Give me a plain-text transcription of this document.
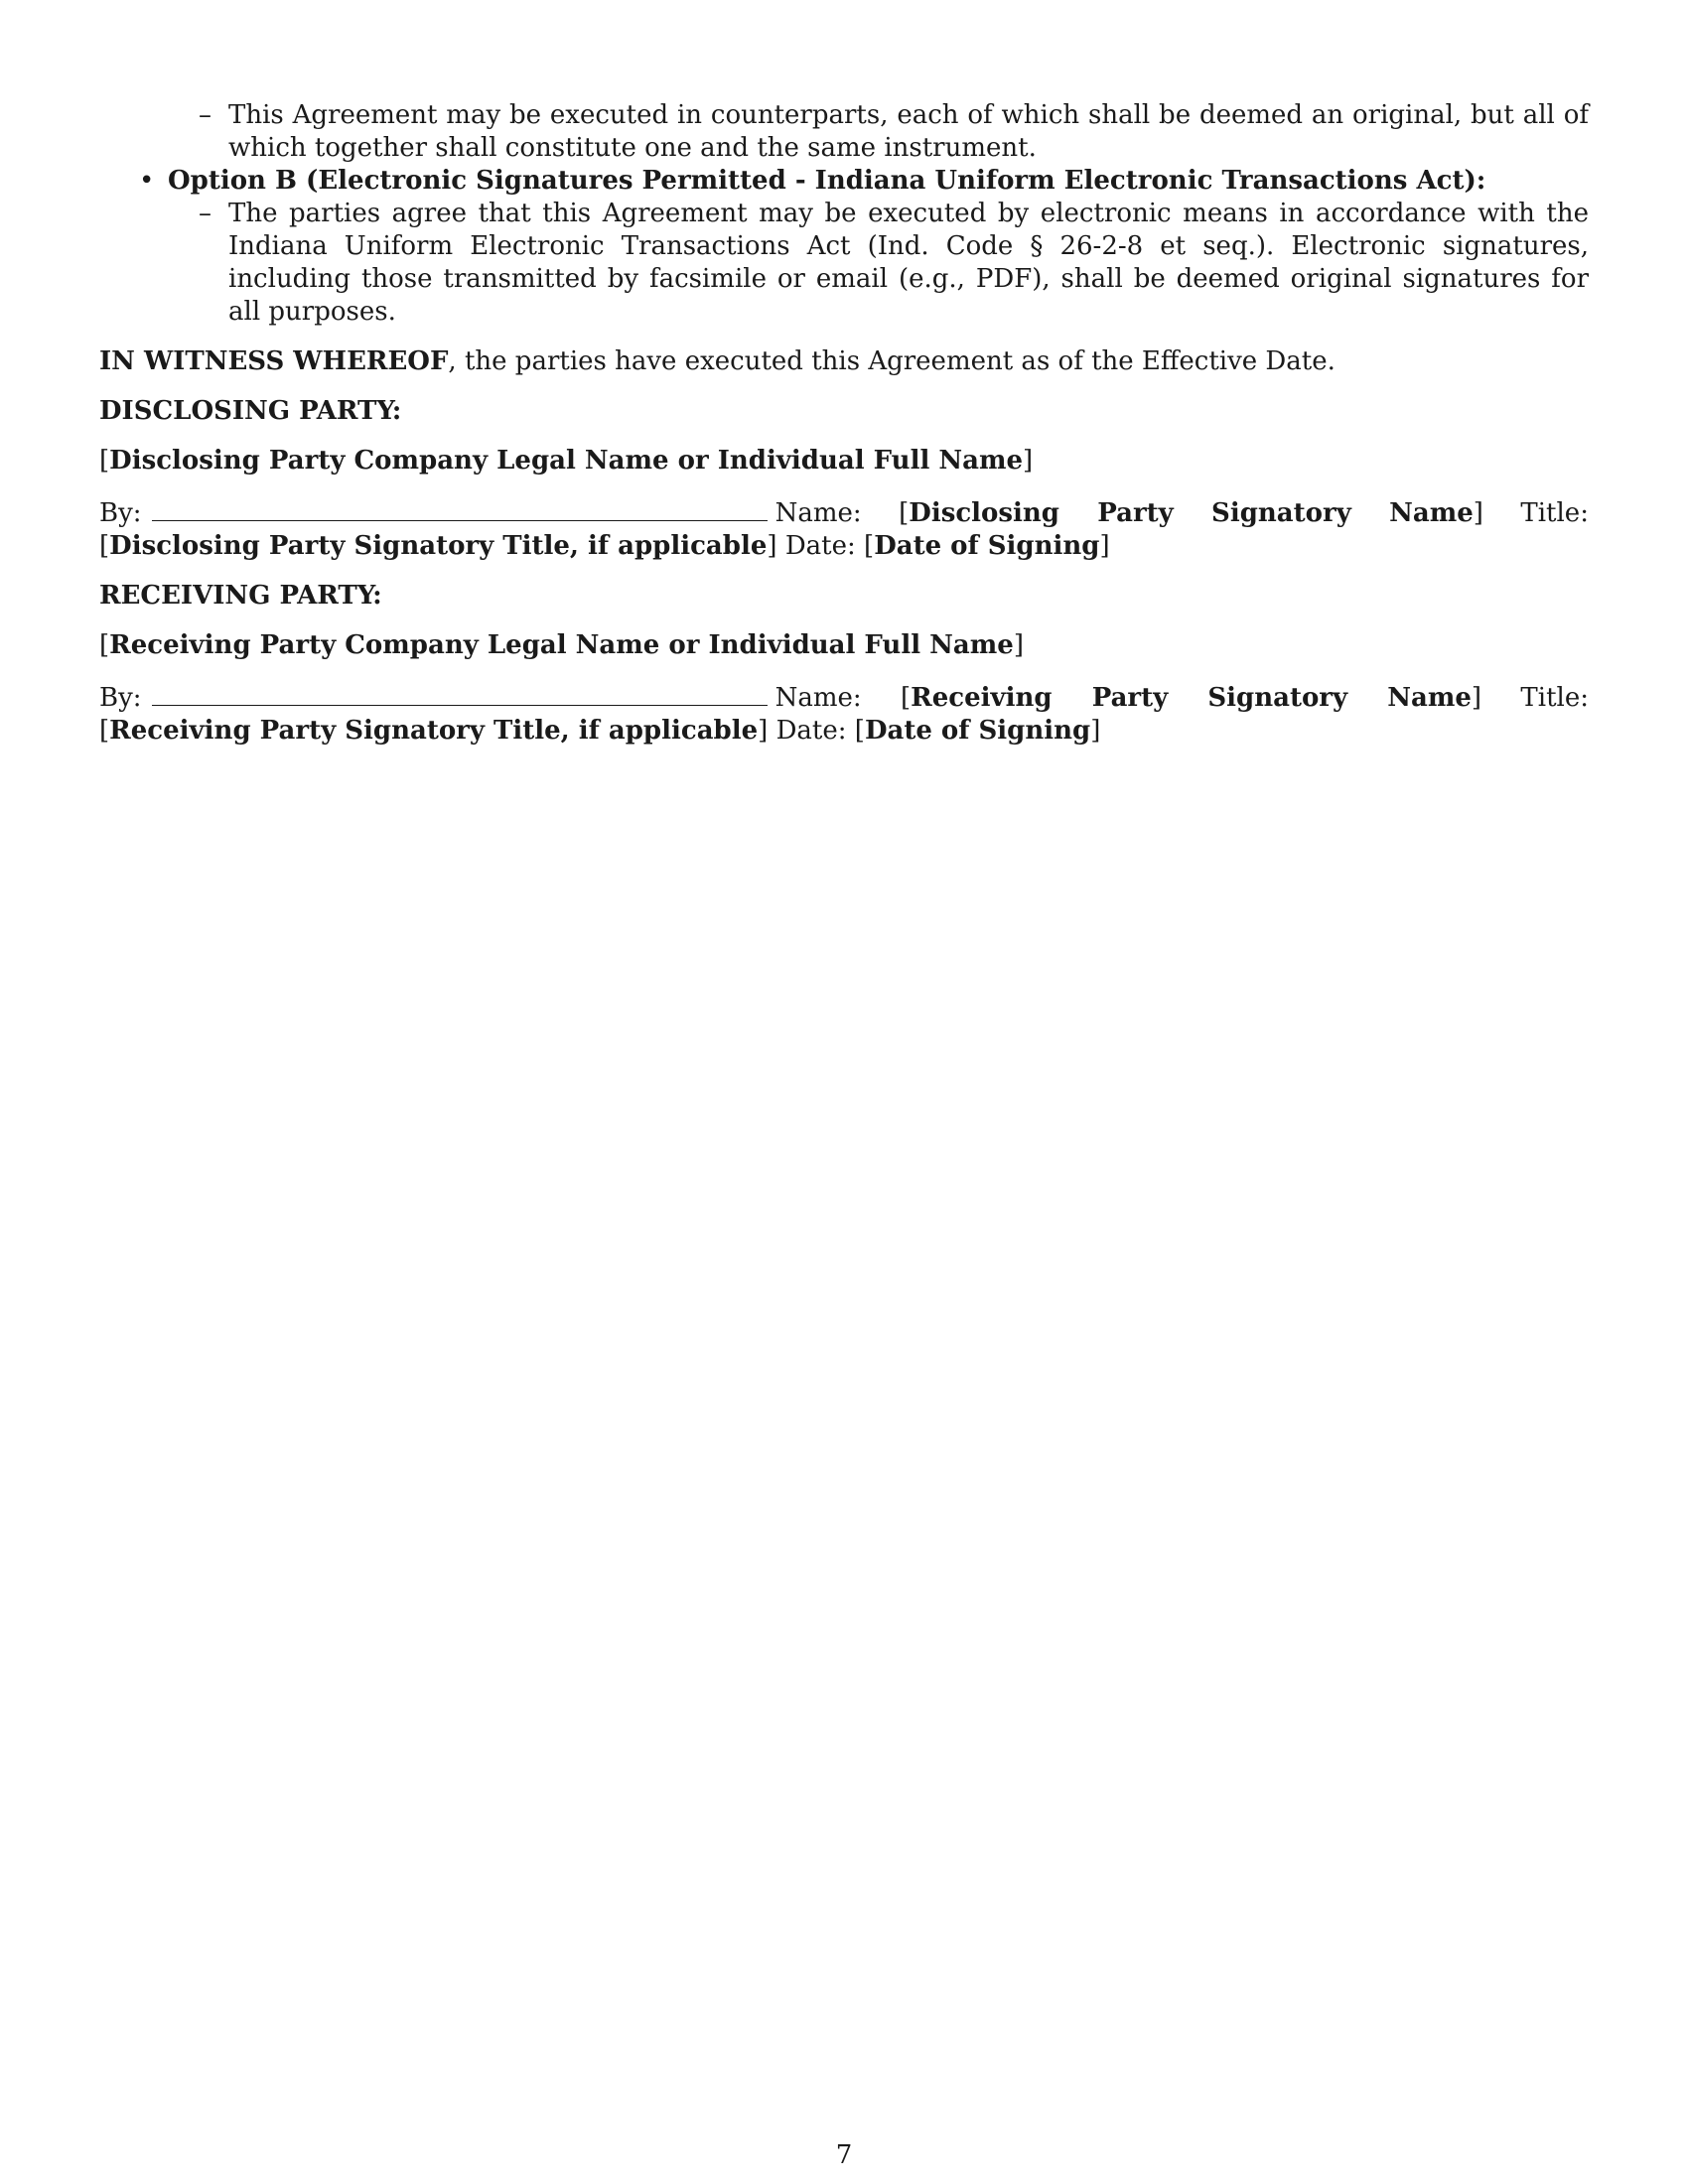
– This Agreement may be executed in counterparts, each of which shall be deemed an original, but all of which together shall constitute one and the same instrument.
• Option B (Electronic Signatures Permitted - Indiana Uniform Electronic Transactions Act):
– The parties agree that this Agreement may be executed by electronic means in accordance with the Indiana Uniform Electronic Transactions Act (Ind. Code § 26-2-8 et seq.). Electronic signatures, including those transmitted by facsimile or email (e.g., PDF), shall be deemed original signatures for all purposes.
IN WITNESS WHEREOF, the parties have executed this Agreement as of the Effective Date.
DISCLOSING PARTY:
[Disclosing Party Company Legal Name or Individual Full Name]
By:	Name: [Disclosing Party Signatory Name] Title: [Disclosing Party Signatory Title, if applicable] Date: [Date of Signing]
RECEIVING PARTY:
[Receiving Party Company Legal Name or Individual Full Name]
By:	Name: [Receiving Party Signatory Name] Title: [Receiving Party Signatory Title, if applicable] Date: [Date of Signing]
7
